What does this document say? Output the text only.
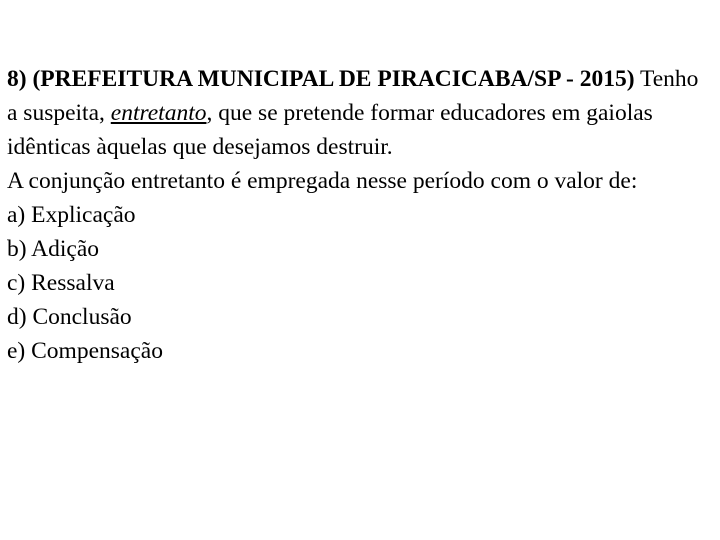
8) (PREFEITURA MUNICIPAL DE PIRACICABA/SP - 2015) Tenho a suspeita, entretanto, que se pretende formar educadores em gaiolas idênticas àquelas que desejamos destruir.

A conjunção entretanto é empregada nesse período com o valor de:

a) Explicação
b) Adição
c) Ressalva
d) Conclusão
e) Compensação
